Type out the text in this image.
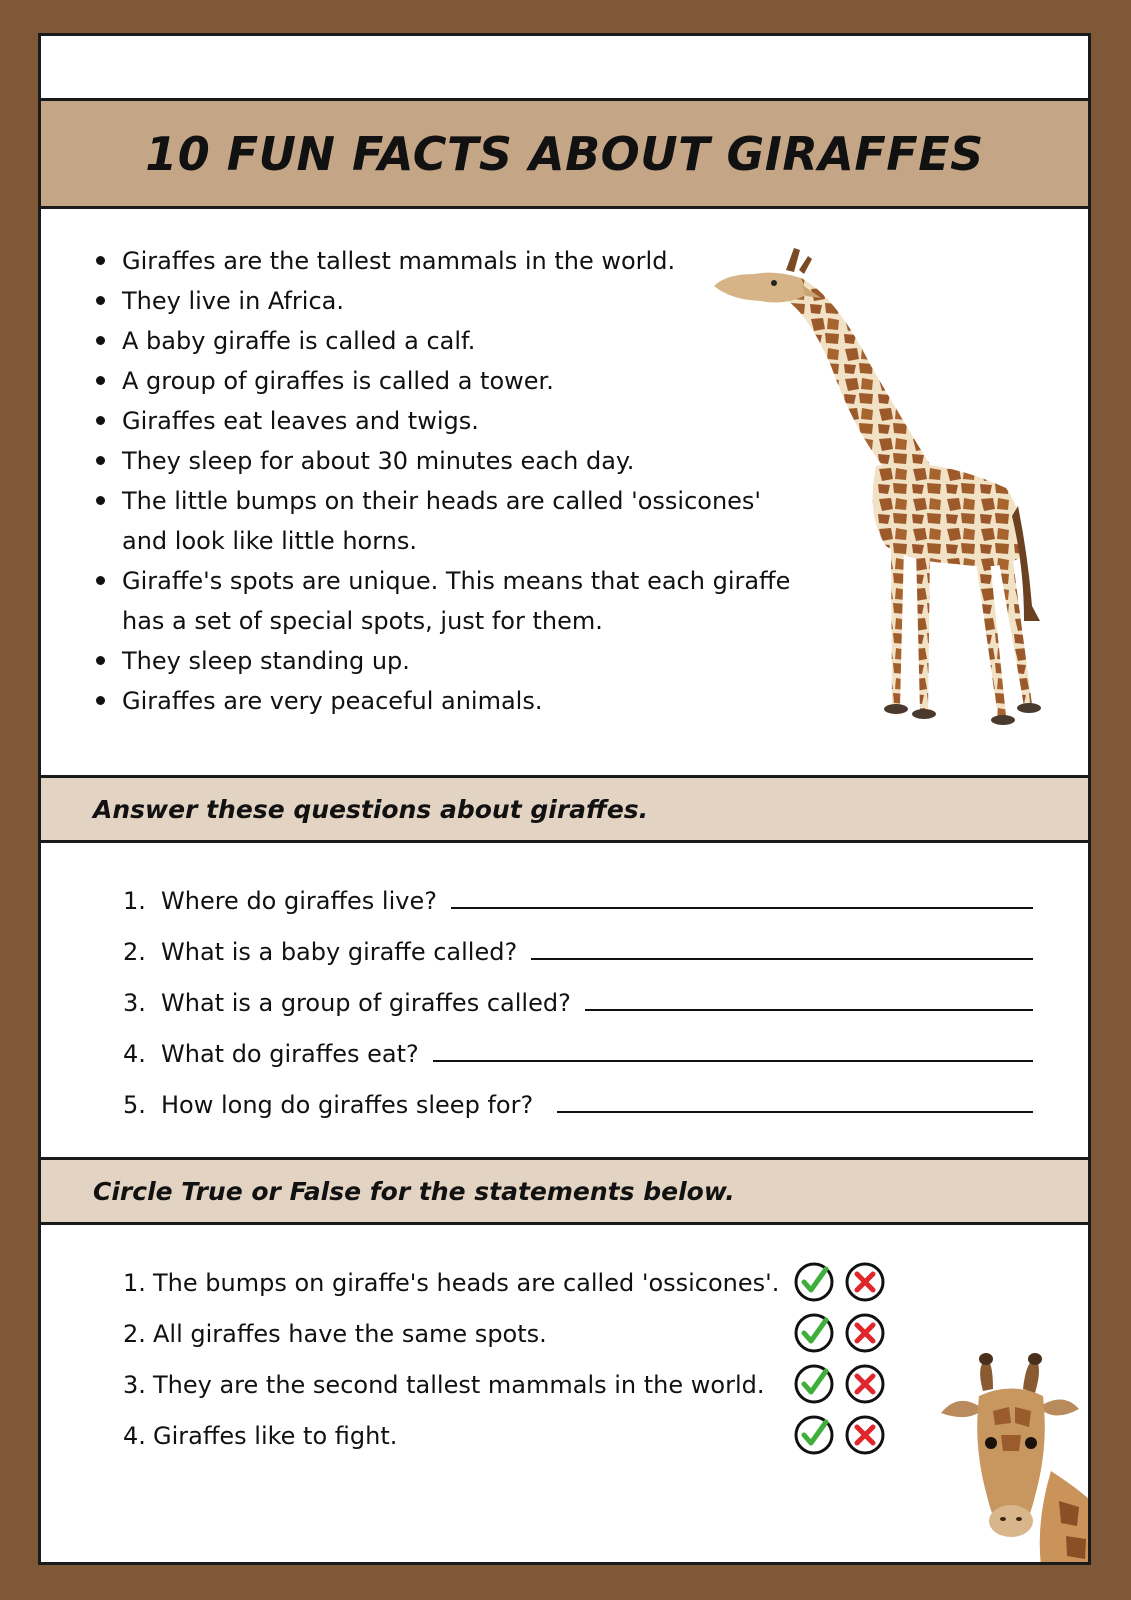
10 FUN FACTS ABOUT GIRAFFES
Giraffes are the tallest mammals in the world.
They live in Africa.
A baby giraffe is called a calf.
A group of giraffes is called a tower.
Giraffes eat leaves and twigs.
They sleep for about 30 minutes each day.
The little bumps on their heads are called 'ossicones' and look like little horns.
Giraffe's spots are unique. This means that each giraffe has a set of special spots, just for them.
They sleep standing up.
Giraffes are very peaceful animals.
Answer these questions about giraffes.
1. Where do giraffes live?
2. What is a baby giraffe called?
3. What is a group of giraffes called?
4. What do giraffes eat?
5. How long do giraffes sleep for?
Circle True or False for the statements below.
1. The bumps on giraffe's heads are called 'ossicones'.
2. All giraffes have the same spots.
3. They are the second tallest mammals in the world.
4. Giraffes like to fight.
